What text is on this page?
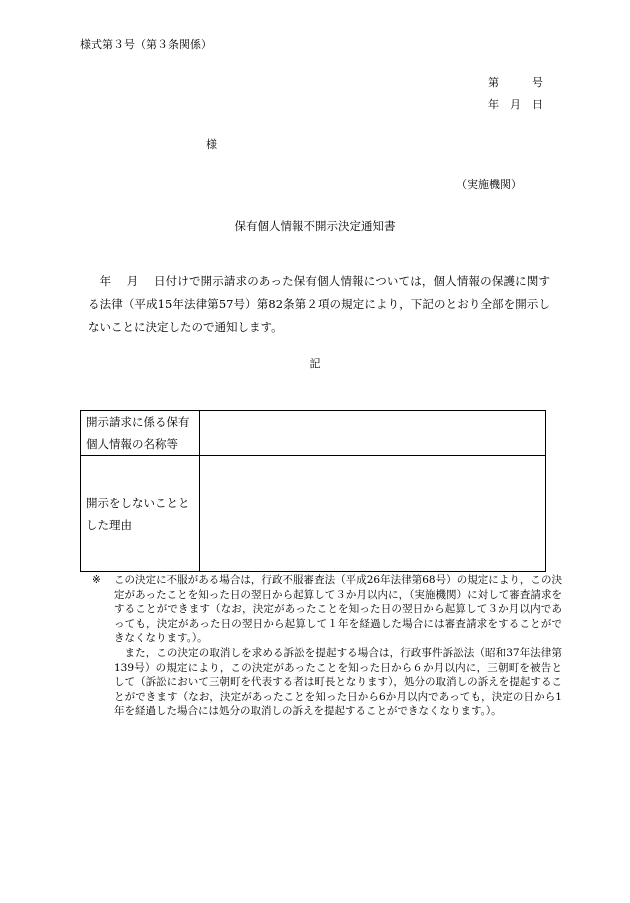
様式第３号（第３条関係）
第　　　号
年　月　日
様
（実施機関）
保有個人情報不開示決定通知書
　年　 月　 日付けで開示請求のあった保有個人情報については，個人情報の保護に関する法律（平成15年法律第57号）第82条第２項の規定により，下記のとおり全部を開示しないことに決定したので通知します。
記
開示請求に係る保有個人情報の名称等	
開示をしないこととした理由	
※ この決定に不服がある場合は，行政不服審査法（平成26年法律第68号）の規定により，この決定があったことを知った日の翌日から起算して３か月以内に，（実施機関）に対して審査請求をすることができます（なお，決定があったことを知った日の翌日から起算して３か月以内であっても，決定があった日の翌日から起算して１年を経過した場合には審査請求をすることができなくなります。）。

また，この決定の取消しを求める訴訟を提起する場合は，行政事件訴訟法（昭和37年法律第139号）の規定により，この決定があったことを知った日から６か月以内に，三朝町を被告として（訴訟において三朝町を代表する者は町長となります），処分の取消しの訴えを提起することができます（なお，決定があったことを知った日から6か月以内であっても，決定の日から1年を経過した場合には処分の取消しの訴えを提起することができなくなります。）。
